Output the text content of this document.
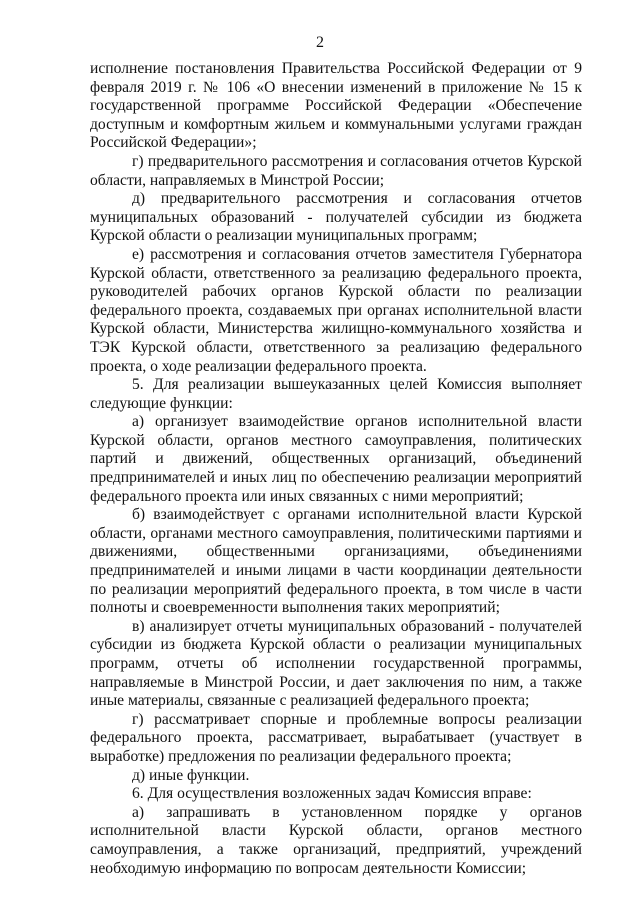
2

исполнение постановления Правительства Российской Федерации от 9 февраля 2019 г. № 106 «О внесении изменений в приложение № 15 к государственной программе Российской Федерации «Обеспечение доступным и комфортным жильем и коммунальными услугами граждан Российской Федерации»;

г) предварительного рассмотрения и согласования отчетов Курской области, направляемых в Минстрой России;

д) предварительного рассмотрения и согласования отчетов муниципальных образований - получателей субсидии из бюджета Курской области о реализации муниципальных программ;

е) рассмотрения и согласования отчетов заместителя Губернатора Курской области, ответственного за реализацию федерального проекта, руководителей рабочих органов Курской области по реализации федерального проекта, создаваемых при органах исполнительной власти Курской области, Министерства жилищно-коммунального хозяйства и ТЭК Курской области, ответственного за реализацию федерального проекта, о ходе реализации федерального проекта.

5. Для реализации вышеуказанных целей Комиссия выполняет следующие функции:

а) организует взаимодействие органов исполнительной власти Курской области, органов местного самоуправления, политических партий и движений, общественных организаций, объединений предпринимателей и иных лиц по обеспечению реализации мероприятий федерального проекта или иных связанных с ними мероприятий;

б) взаимодействует с органами исполнительной власти Курской области, органами местного самоуправления, политическими партиями и движениями, общественными организациями, объединениями предпринимателей и иными лицами в части координации деятельности по реализации мероприятий федерального проекта, в том числе в части полноты и своевременности выполнения таких мероприятий;

в) анализирует отчеты муниципальных образований - получателей субсидии из бюджета Курской области о реализации муниципальных программ, отчеты об исполнении государственной программы, направляемые в Минстрой России, и дает заключения по ним, а также иные материалы, связанные с реализацией федерального проекта;

г) рассматривает спорные и проблемные вопросы реализации федерального проекта, рассматривает, вырабатывает (участвует в выработке) предложения по реализации федерального проекта;

д) иные функции.

6. Для осуществления возложенных задач Комиссия вправе:

а) запрашивать в установленном порядке у органов исполнительной власти Курской области, органов местного самоуправления, а также организаций, предприятий, учреждений необходимую информацию по вопросам деятельности Комиссии;
